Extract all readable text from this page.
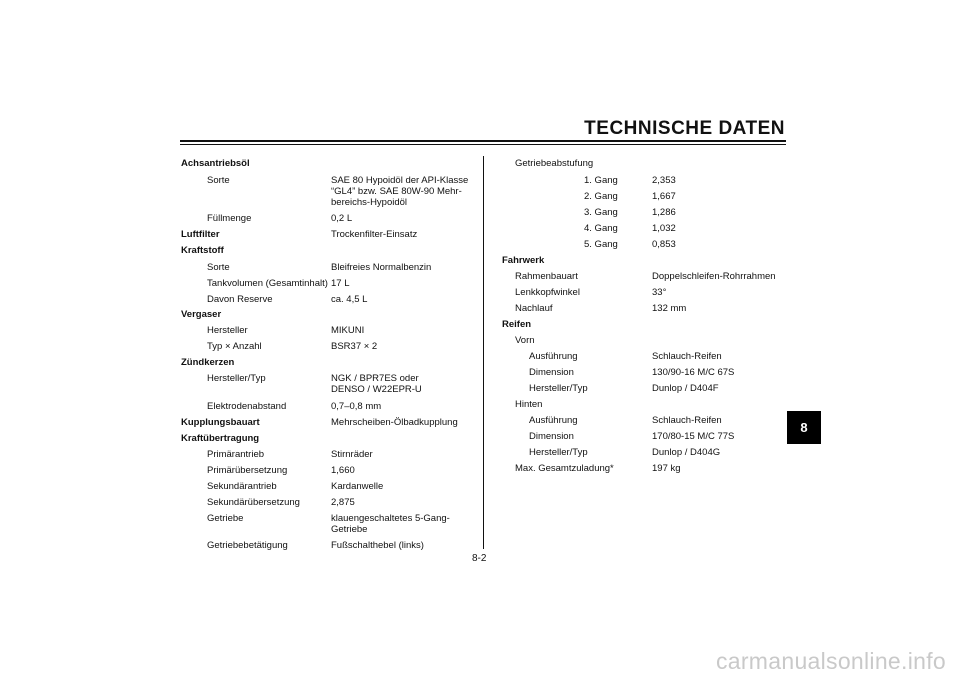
TECHNISCHE DATEN
Achsantriebsöl
Sorte	SAE 80 Hypoidöl der API-Klasse
“GL4” bzw. SAE 80W-90 Mehr-
bereichs-Hypoidöl
Füllmenge	0,2 L
Luftfilter	Trockenfilter-Einsatz
Kraftstoff
Sorte	Bleifreies Normalbenzin
Tankvolumen (Gesamtinhalt) 17 L
Davon Reserve	ca. 4,5 L
Vergaser
Hersteller	MIKUNI
Typ × Anzahl	BSR37 × 2
Zündkerzen
Hersteller/Typ	NGK / BPR7ES oder
DENSO / W22EPR-U
Elektrodenabstand	0,7–0,8 mm
Kupplungsbauart	Mehrscheiben-Ölbadkupplung
Kraftübertragung
Primärantrieb	Stirnräder
Primärübersetzung	1,660
Sekundärantrieb	Kardanwelle
Sekundärübersetzung	2,875
Getriebe	klauengeschaltetes 5-Gang-
Getriebe
Getriebebetätigung	Fußschalthebel (links)
Getriebeabstufung
1. Gang	2,353
2. Gang	1,667
3. Gang	1,286
4. Gang	1,032
5. Gang	0,853
Fahrwerk
Rahmenbauart	Doppelschleifen-Rohrrahmen
Lenkkopfwinkel	33°
Nachlauf	132 mm
Reifen
Vorn
Ausführung	Schlauch-Reifen
Dimension	130/90-16 M/C 67S
Hersteller/Typ	Dunlop / D404F
Hinten
Ausführung	Schlauch-Reifen
Dimension	170/80-15 M/C 77S
Hersteller/Typ	Dunlop / D404G
Max. Gesamtzuladung*	197 kg
8-2
8
carmanualsonline.info
